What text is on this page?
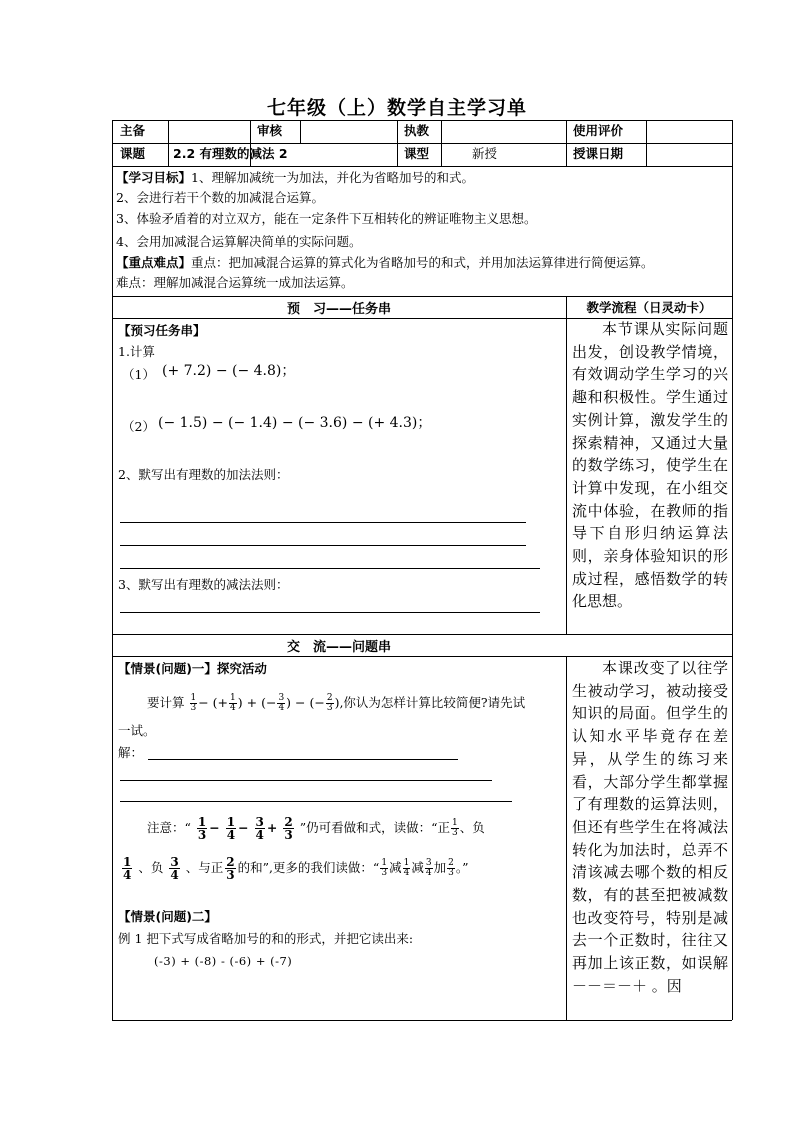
七年级（上）数学自主学习单
主备	审核	执教	使用评价
课题 2.2 有理数的减法 2	课型	新授	授课日期
【学习目标】1、理解加减统一为加法，并化为省略加号的和式。
2、会进行若干个数的加减混合运算。
3、体验矛盾着的对立双方，能在一定条件下互相转化的辨证唯物主义思想。
4、会用加减混合运算解决简单的实际问题。
【重点难点】重点：把加减混合运算的算式化为省略加号的和式，并用加法运算律进行简便运算。
难点：理解加减混合运算统一成加法运算。
预　习——任务串	教学流程（日灵动卡）
【预习任务串】
1.计算
（1） (+ 7.2) − (− 4.8)；
（2） (− 1.5) − (− 1.4) − (− 3.6) − (+ 4.3)；
2、默写出有理数的加法法则：
3、默写出有理数的减法法则：
本节课从实际问题出发，创设教学情境，有效调动学生学习的兴趣和积极性。学生通过实例计算，激发学生的探索精神，又通过大量的数学练习，使学生在计算中发现，在小组交流中体验，在教师的指导下自形归纳运算法则，亲身体验知识的形成过程，感悟数学的转化思想。
交　流——问题串
【情景(问题)一】探究活动
要计算 $\frac{1}{3}$ − (+ $\frac{1}{4}$ ) + (− $\frac{3}{4}$ ) − (− $\frac{2}{3}$ ),你认为怎样计算比较简便?请先试
一试。
解：
注意：“ $\frac{1}{3} - \frac{1}{4} - \frac{3}{4} + \frac{2}{3}$ ”仍可看做和式，读做：“正 $\frac{1}{3}$ 、负
$\frac{1}{4}$ 、负 $\frac{3}{4}$ 、与正 $\frac{2}{3}$ 的和”,更多的我们读做：“ $\frac{1}{3}$ 减 $\frac{1}{4}$ 减 $\frac{3}{4}$ 加 $\frac{2}{3}$ 。”
【情景(问题)二】
例 1 把下式写成省略加号的和的形式，并把它读出来:
(-3) + (-8) - (-6) + (-7)
本课改变了以往学生被动学习，被动接受知识的局面。但学生的认知水平毕竟存在差异，从学生的练习来看，大部分学生都掌握了有理数的运算法则，但还有些学生在将减法转化为加法时，总弄不清该减去哪个数的相反数，有的甚至把被减数也改变符号，特别是减去一个正数时，往往又再加上该正数，如误解－－＝－＋ 。因
